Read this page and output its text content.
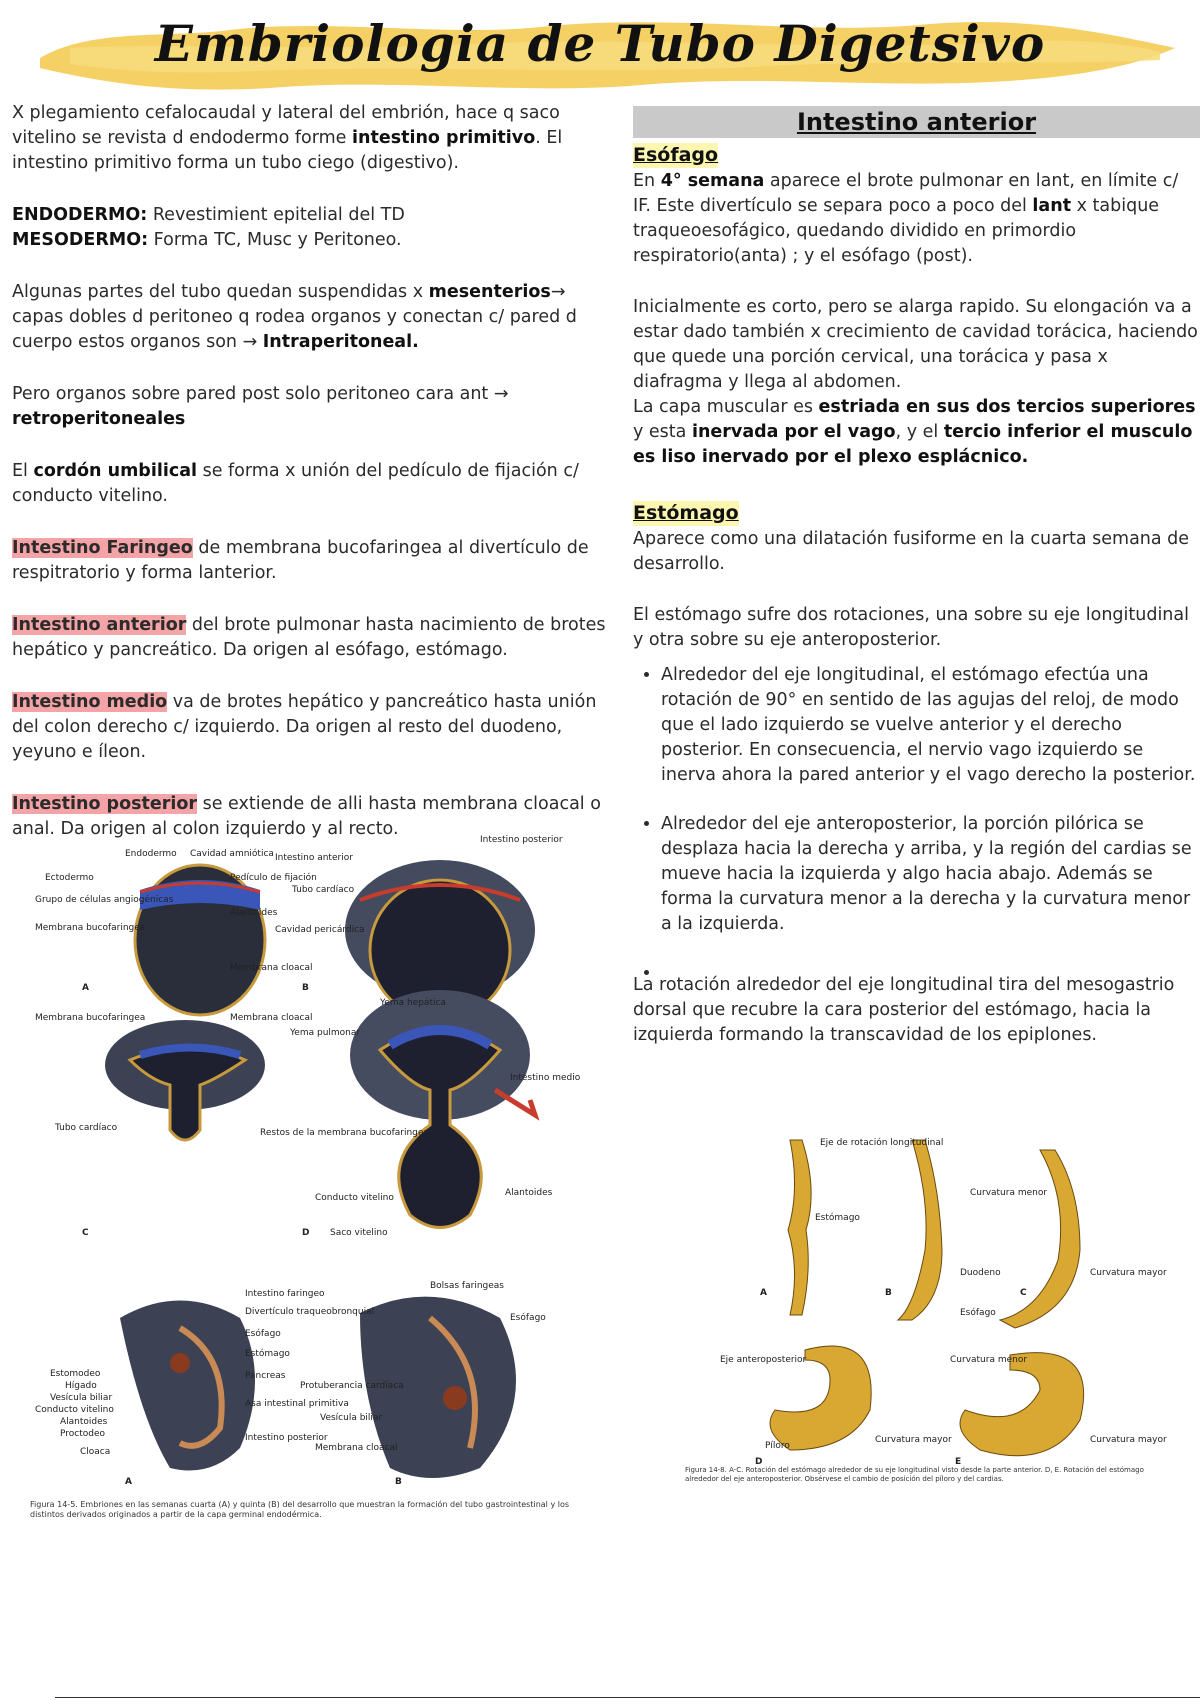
Embriologia de Tubo Digetsivo

X plegamiento cefalocaudal y lateral del embrión, hace q saco vitelino se revista d endodermo forme intestino primitivo. El intestino primitivo forma un tubo ciego (digestivo).

ENDODERMO: Revestimient epitelial del TD
MESODERMO: Forma TC, Musc y Peritoneo.

Algunas partes del tubo quedan suspendidas x mesenterios→ capas dobles d peritoneo q rodea organos y conectan c/ pared d cuerpo estos organos son → Intraperitoneal.

Pero organos sobre pared post solo peritoneo cara ant →
retroperitoneales

El cordón umbilical se forma x unión del pedículo de fijación c/ conducto vitelino.

Intestino Faringeo de membrana bucofaringea al divertículo de respitratorio y forma lanterior.

Intestino anterior del brote pulmonar hasta nacimiento de brotes hepático y pancreático. Da origen al esófago, estómago.

Intestino medio va de brotes hepático y pancreático hasta unión del colon derecho c/ izquierdo. Da origen al resto del duodeno, yeyuno e íleon.

Intestino posterior se extiende de alli hasta membrana cloacal o anal. Da origen al colon izquierdo y al recto.

Intestino anterior
Esófago

En 4° semana aparece el brote pulmonar en lant, en límite c/ IF. Este divertículo se separa poco a poco del lant x tabique traqueoesofágico, quedando dividido en primordio respiratorio(anta) ; y el esófago (post).

Inicialmente es corto, pero se alarga rapido. Su elongación va a estar dado también x crecimiento de cavidad torácica, haciendo que quede una porción cervical, una torácica y pasa x diafragma y llega al abdomen.
La capa muscular es estriada en sus dos tercios superiores y esta inervada por el vago, y el tercio inferior el musculo es liso inervado por el plexo esplácnico.

Estómago

Aparece como una dilatación fusiforme en la cuarta semana de desarrollo.

El estómago sufre dos rotaciones, una sobre su eje longitudinal y otra sobre su eje anteroposterior.

• Alrededor del eje longitudinal, el estómago efectúa una rotación de 90° en sentido de las agujas del reloj, de modo que el lado izquierdo se vuelve anterior y el derecho posterior. En consecuencia, el nervio vago izquierdo se inerva ahora la pared anterior y el vago derecho la posterior.
• Alrededor del eje anteroposterior, la porción pilórica se desplaza hacia la derecha y arriba, y la región del cardias se mueve hacia la izquierda y algo hacia abajo. Además se forma la curvatura menor a la derecha y la curvatura menor a la izquierda.
•

La rotación alrededor del eje longitudinal tira del mesogastrio dorsal que recubre la cara posterior del estómago, hacia la izquierda formando la transcavidad de los epiplones.

Endodermo Cavidad amniótica
Ectodermo
Grupo de células angiogénicas
Membrana bucofaringea
Intestino anterior
Pedículo de fijación
Tubo cardíaco
Alantoides
Cavidad pericárdica
Membrana cloacal
Intestino posterior
A	B
Membrana bucofaringea	Membrana cloacal
Yema pulmonar
Yema hepática
Intestino medio
Tubo cardíaco	Restos de la membrana bucofaringea
Conducto vitelino
Saco vitelino
Alantoides
C	D
Intestino faringeo
Divertículo traqueobronquial
Estomodeo
Hígado
Vesícula biliar
Conducto vitelino
Alantoides
Proctodeo
Cloaca
Esófago
Estómago
Páncreas
Asa intestinal primitiva
Intestino posterior
Bolsas faringeas
Esófago
Protuberancia cardíaca
Vesícula biliar
Membrana cloacal
A	B
Figura 14-5. Embriones en las semanas cuarta (A) y quinta (B) del desarrollo que muestran la formación del tubo gastrointestinal y los distintos derivados originados a partir de la capa germinal endodérmica.
Eje de rotación longitudinal
Estómago
Curvatura menor
Duodeno	Curvatura mayor
A	B	C
Esófago
Eje anteroposterior	Curvatura menor
Píloro
Curvatura mayor	Curvatura mayor
D	E
Figura 14-8. A-C. Rotación del estómago alrededor de su eje longitudinal visto desde la parte anterior. D, E. Rotación del estómago alrededor del eje anteroposterior. Obsérvese el cambio de posición del píloro y del cardias.
